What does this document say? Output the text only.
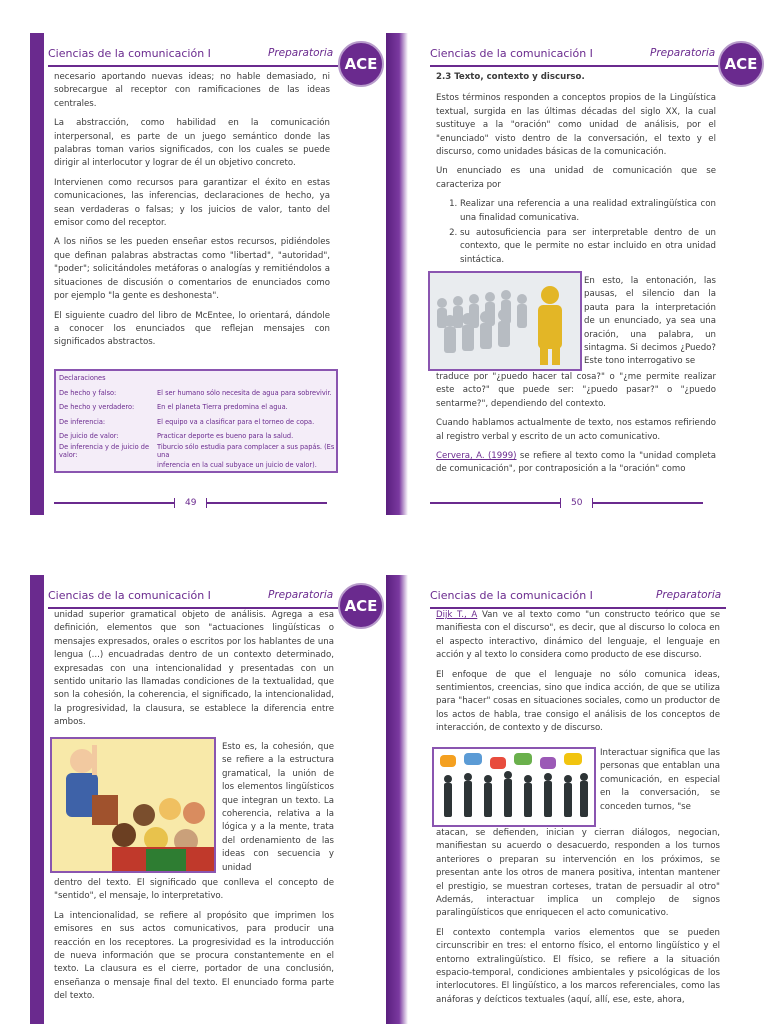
Ciencias de la comunicación I	Preparatoria
ACE

necesario aportando nuevas ideas; no hable demasiado, ni sobrecargue al receptor con ramificaciones de las ideas centrales.

La abstracción, como habilidad en la comunicación interpersonal, es parte de un juego semántico donde las palabras toman varios significados, con los cuales se puede dirigir al interlocutor y lograr de él un objetivo concreto.

Intervienen como recursos para garantizar el éxito en estas comunicaciones, las inferencias, declaraciones de hecho, ya sean verdaderas o falsas; y los juicios de valor, tanto del emisor como del receptor.

A los niños se les pueden enseñar estos recursos, pidiéndoles que definan palabras abstractas como "libertad", "autoridad", "poder"; solicitándoles metáforas o analogías y remitiéndolos a situaciones de discusión o comentarios de enunciados como por ejemplo "la gente es deshonesta".

El siguiente cuadro del libro de McEntee, lo orientará, dándole a conocer los enunciados que reflejan mensajes con significados abstractos.

Declaraciones
De hecho y falso:	El ser humano sólo necesita de agua para sobrevivir.
De hecho y verdadero:	En el planeta Tierra predomina el agua.
De inferencia:	El equipo va a clasificar para el torneo de copa.
De juicio de valor:	Practicar deporte es bueno para la salud.
De inferencia y de juicio de valor:
Tiburcio sólo estudia para complacer a sus papás. (Es una
inferencia en la cual subyace un juicio de valor).
49
Ciencias de la comunicación I	Preparatoria
ACE
2.3 Texto, contexto y discurso.

Estos términos responden a conceptos propios de la Lingüística textual, surgida en las últimas décadas del siglo XX, la cual sustituye a la "oración" como unidad de análisis, por el "enunciado" visto dentro de la conversación, el texto y el discurso, como unidades básicas de la comunicación.

Un enunciado es una unidad de comunicación que se caracteriza por

1. Realizar una referencia a una realidad extralingüística con una finalidad comunicativa.
2. su autosuficiencia para ser interpretable dentro de un contexto, que le permite no estar incluido en otra unidad sintáctica.
En esto, la entonación, las pausas, el silencio dan la pauta para la interpretación de un enunciado, ya sea una oración, una palabra, un sintagma. Si decimos ¿Puedo? Este tono interrogativo se

traduce por "¿puedo hacer tal cosa?" o "¿me permite realizar este acto?" que puede ser: "¿puedo pasar?" o "¿puedo sentarme?", dependiendo del contexto.

Cuando hablamos actualmente de texto, nos estamos refiriendo al registro verbal y escrito de un acto comunicativo.

Cervera, A. (1999) se refiere al texto como la "unidad completa de comunicación", por contraposición a la "oración" como

50
Ciencias de la comunicación I	Preparatoria
ACE

unidad superior gramatical objeto de análisis. Agrega a esa definición, elementos que son "actuaciones lingüísticas o mensajes expresados, orales o escritos por los hablantes de una lengua (...) encuadradas dentro de un contexto determinado, expresadas con una intencionalidad y presentadas con un sentido unitario las llamadas condiciones de la textualidad, que son la cohesión, la coherencia, el significado, la intencionalidad, la progresividad, la clausura, se establece la diferencia entre ambos.

Esto es, la cohesión, que se refiere a la estructura gramatical, la unión de los elementos lingüísticos que integran un texto. La coherencia, relativa a la lógica y a la mente, trata del ordenamiento de las ideas con secuencia y unidad

dentro del texto. El significado que conlleva el concepto de "sentido", el mensaje, lo interpretativo.

La intencionalidad, se refiere al propósito que imprimen los emisores en sus actos comunicativos, para producir una reacción en los receptores. La progresividad es la introducción de nueva información que se procura constantemente en el texto. La clausura es el cierre, portador de una conclusión, enseñanza o mensaje final del texto. El enunciado forma parte del texto.

Ciencias de la comunicación I	Preparatoria

Dijk T., A Van ve al texto como "un constructo teórico que se manifiesta con el discurso", es decir, que al discurso lo coloca en el aspecto interactivo, dinámico del lenguaje, el lenguaje en acción y al texto lo considera como producto de ese discurso.

El enfoque de que el lenguaje no sólo comunica ideas, sentimientos, creencias, sino que indica acción, de que se utiliza para "hacer" cosas en situaciones sociales, como un productor de los actos de habla, trae consigo el análisis de los conceptos de interacción, de contexto y de discurso.

Interactuar significa que las personas que entablan una comunicación, en especial en la conversación, se conceden turnos, "se

atacan, se defienden, inician y cierran diálogos, negocian, manifiestan su acuerdo o desacuerdo, responden a los turnos anteriores o preparan su intervención en los próximos, se presentan ante los otros de manera positiva, intentan mantener el prestigio, se muestran corteses, tratan de persuadir al otro" Además, interactuar implica un complejo de signos paralingüísticos que enriquecen el acto comunicativo.

El contexto contempla varios elementos que se pueden circunscribir en tres: el entorno físico, el entorno lingüístico y el entorno extralingüístico. El físico, se refiere a la situación espacio-temporal, condiciones ambientales y psicológicas de los interlocutores. El lingüístico, a los marcos referenciales, como las anáforas y deícticos textuales (aquí, allí, ese, este, ahora,
